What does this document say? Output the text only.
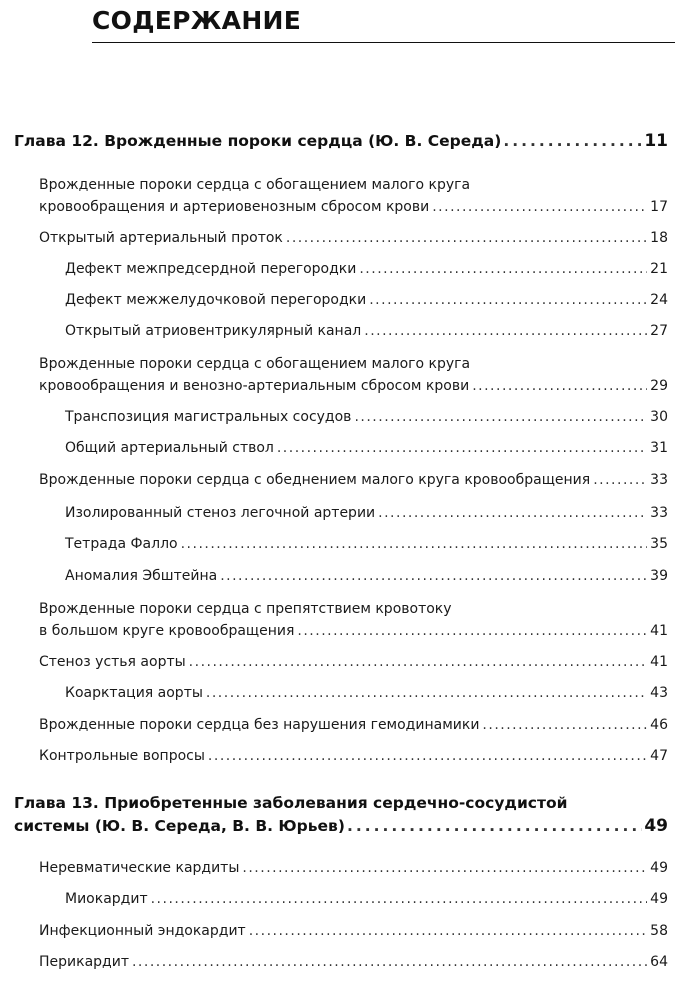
СОДЕРЖАНИЕ
Глава 12. Врожденные пороки сердца (Ю. В. Середа) .....	11
Врожденные пороки сердца с обогащением малого круга
кровообращения и артериовенозным сбросом крови .....	17
Открытый артериальный проток .....	18
Дефект межпредсердной перегородки .....	21
Дефект межжелудочковой перегородки .....	24
Открытый атриовентрикулярный канал .....	27
Врожденные пороки сердца с обогащением малого круга
кровообращения и венозно-артериальным сбросом крови .....	29
Транспозиция магистральных сосудов .....	30
Общий артериальный ствол .....	31
Врожденные пороки сердца с обеднением малого круга кровообращения .....	33
Изолированный стеноз легочной артерии .....	33
Тетрада Фалло .....	35
Аномалия Эбштейна .....	39
Врожденные пороки сердца с препятствием кровотоку
в большом круге кровообращения .....	41
Стеноз устья аорты .....	41
Коарктация аорты .....	43
Врожденные пороки сердца без нарушения гемодинамики .....	46
Контрольные вопросы .....	47
Глава 13. Приобретенные заболевания сердечно-сосудистой
системы (Ю. В. Середа, В. В. Юрьев) .....	49
Неревматические кардиты .....	49
Миокардит .....	49
Инфекционный эндокардит .....	58
Перикардит .....	64
